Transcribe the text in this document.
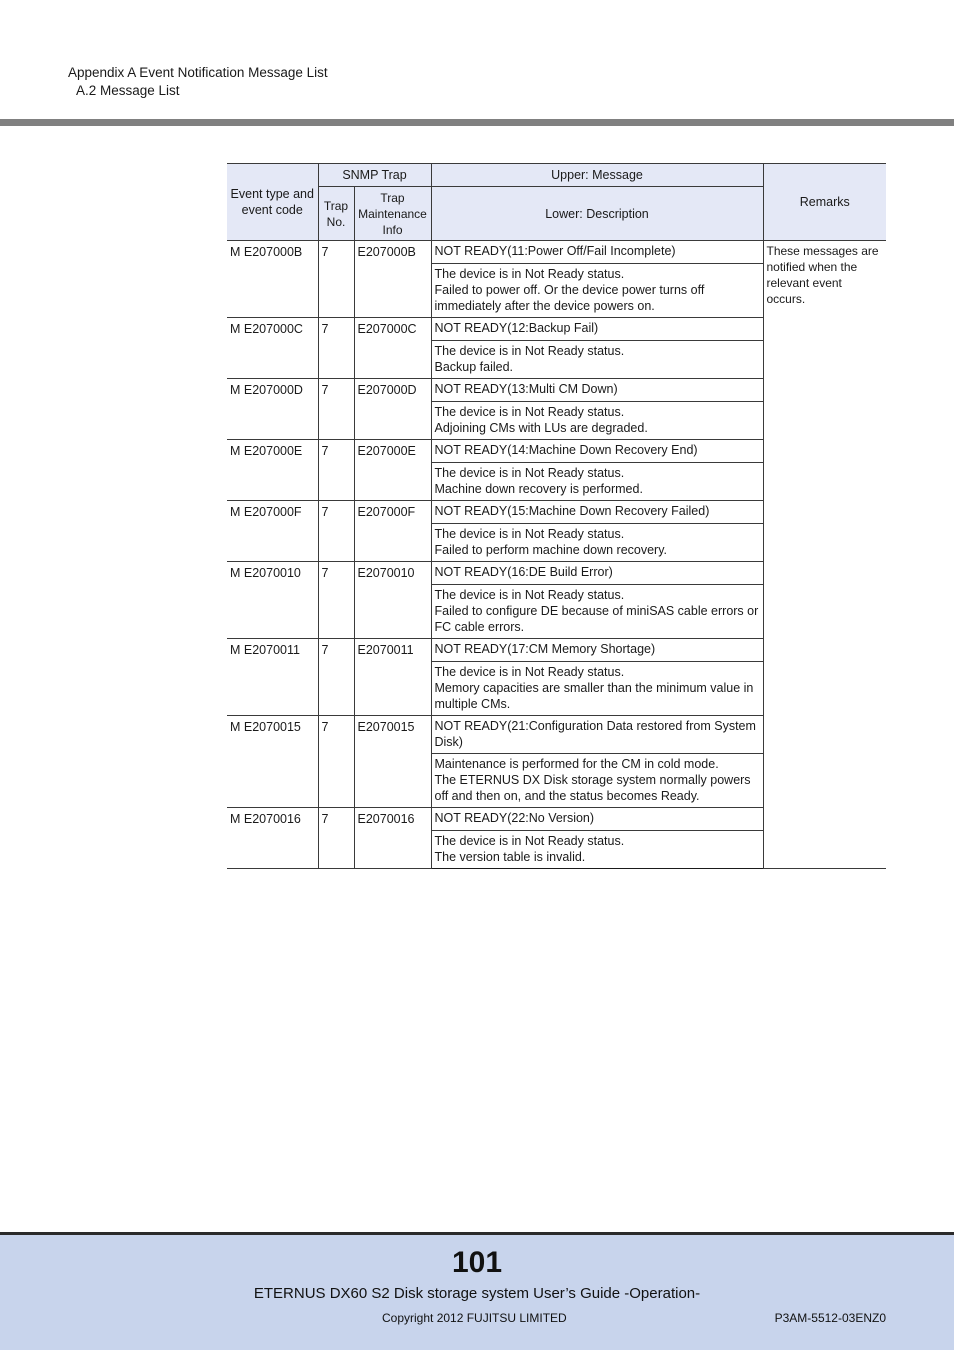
Appendix A Event Notification Message List
A.2 Message List
Event type and event code	SNMP Trap		Upper: Message	Remarks
	Trap No.	Trap Maintenance Info	Lower: Description	
M E207000B	7	E207000B	NOT READY(11:Power Off/Fail Incomplete)	These messages are notified when the relevant event occurs.

			The device is in Not Ready status.
Failed to power off. Or the device power turns off immediately after the device powers on.	

M E207000C	7	E207000C	NOT READY(12:Backup Fail)	

			The device is in Not Ready status.
Backup failed.	

M E207000D	7	E207000D	NOT READY(13:Multi CM Down)	

			The device is in Not Ready status.
Adjoining CMs with LUs are degraded.	

M E207000E	7	E207000E	NOT READY(14:Machine Down Recovery End)	

			The device is in Not Ready status.
Machine down recovery is performed.	

M E207000F	7	E207000F	NOT READY(15:Machine Down Recovery Failed)	

			The device is in Not Ready status.
Failed to perform machine down recovery.	

M E2070010	7	E2070010	NOT READY(16:DE Build Error)	

			The device is in Not Ready status.
Failed to configure DE because of miniSAS cable errors or FC cable errors.	

M E2070011	7	E2070011	NOT READY(17:CM Memory Shortage)	

			The device is in Not Ready status.
Memory capacities are smaller than the minimum value in multiple CMs.	

M E2070015	7	E2070015	NOT READY(21:Configuration Data restored from System Disk)	

			Maintenance is performed for the CM in cold mode.
The ETERNUS DX Disk storage system normally powers off and then on, and the status becomes Ready.	

M E2070016	7	E2070016	NOT READY(22:No Version)	

			The device is in Not Ready status.
The version table is invalid.	
101
ETERNUS DX60 S2 Disk storage system User’s Guide -Operation-
Copyright 2012 FUJITSU LIMITED	P3AM-5512-03ENZ0
